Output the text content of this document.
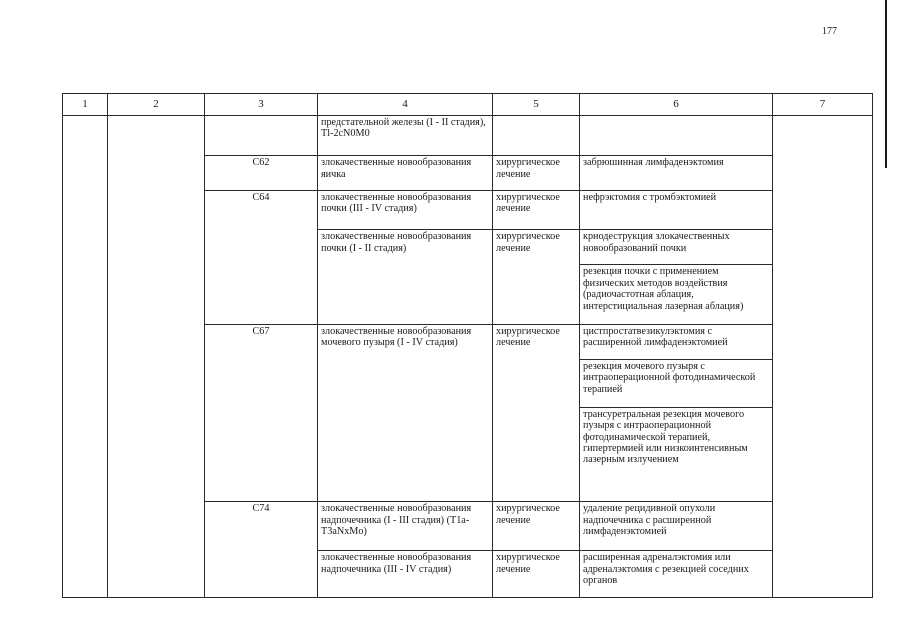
177
1	2	3	4	5	6	7
			предстательной железы (I - II стадия), Tl-2cN0M0			
		C62	злокачественные новообразования яичка	хирургическое лечение	забрюшинная лимфаденэктомия	
		C64	злокачественные новообразования почки (III - IV стадия)	хирургическое лечение	нефрэктомия с тромбэктомией	
			злокачественные новообразования почки (I - II стадия)	хирургическое лечение	криодеструкция злокачественных новообразований почки	
					резекция почки с применением физических методов воздействия (радиочастотная аблация, интерстициальная лазерная аблация)	
		C67	злокачественные новообразования мочевого пузыря (I - IV стадия)	хирургическое лечение	цистпростатвезикулэктомия с расширенной лимфаденэктомией	
					резекция мочевого пузыря с интраоперационной фотодинамической терапией	
					трансуретральная резекция мочевого пузыря с интраоперационной фотодинамической терапией, гипертермией или низкоинтенсивным лазерным излучением	
		C74	злокачественные новообразования надпочечника (I - III стадия) (T1a-T3aNxMo)	хирургическое лечение	удаление рецидивной опухоли надпочечника с расширенной лимфаденэктомией	
			злокачественные новообразования надпочечника (III - IV стадия)	хирургическое лечение	расширенная адреналэктомия или адреналэктомия с резекцией соседних органов	
